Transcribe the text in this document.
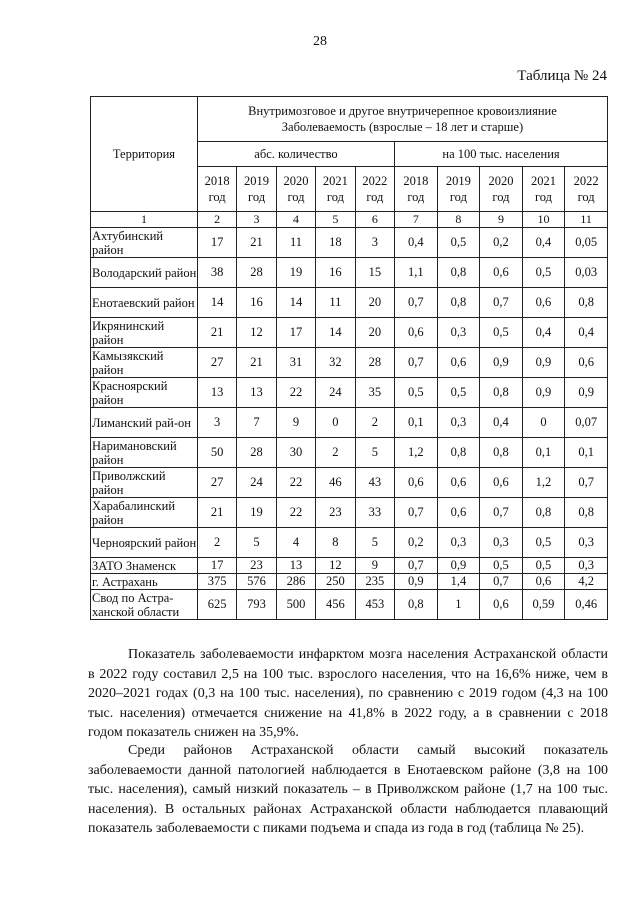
28
Таблица № 24
Территория	Внутримозговое и другое внутричерепное кровоизлияние
Заболеваемость (взрослые – 18 лет и старше)									

	абс. количество					на 100 тыс. населения				
	2018 год	2019 год	2020 год	2021 год	2022 год	2018 год	2019 год	2020 год	2021 год	2022 год
1	2	3	4	5	6	7	8	9	10	11
Ахтубинский район	17	21	11	18	3	0,4	0,5	0,2	0,4	0,05
Володарский район	38	28	19	16	15	1,1	0,8	0,6	0,5	0,03
Енотаевский район	14	16	14	11	20	0,7	0,8	0,7	0,6	0,8
Икрянинский район	21	12	17	14	20	0,6	0,3	0,5	0,4	0,4
Камызякский район	27	21	31	32	28	0,7	0,6	0,9	0,9	0,6
Красноярский район	13	13	22	24	35	0,5	0,5	0,8	0,9	0,9
Лиманский рай-он	3	7	9	0	2	0,1	0,3	0,4	0	0,07
Наримановский район	50	28	30	2	5	1,2	0,8	0,8	0,1	0,1
Приволжский район	27	24	22	46	43	0,6	0,6	0,6	1,2	0,7
Харабалинский район	21	19	22	23	33	0,7	0,6	0,7	0,8	0,8
Черноярский район	2	5	4	8	5	0,2	0,3	0,3	0,5	0,3
ЗАТО Знаменск	17	23	13	12	9	0,7	0,9	0,5	0,5	0,3
г. Астрахань	375	576	286	250	235	0,9	1,4	0,7	0,6	4,2
Свод по Астра-ханской области	625	793	500	456	453	0,8	1	0,6	0,59	0,46

Показатель заболеваемости инфарктом мозга населения Астраханской области в 2022 году составил 2,5 на 100 тыс. взрослого населения, что на 16,6% ниже, чем в 2020–2021 годах (0,3 на 100 тыс. населения), по сравнению с 2019 годом (4,3 на 100 тыс. населения) отмечается снижение на 41,8% в 2022 году, а в сравнении с 2018 годом показатель снижен на 35,9%.

Среди районов Астраханской области самый высокий показатель заболеваемости данной патологией наблюдается в Енотаевском районе (3,8 на 100 тыс. населения), самый низкий показатель – в Приволжском районе (1,7 на 100 тыс. населения). В остальных районах Астраханской области наблюдается плавающий показатель заболеваемости с пиками подъема и спада из года в год (таблица № 25).
